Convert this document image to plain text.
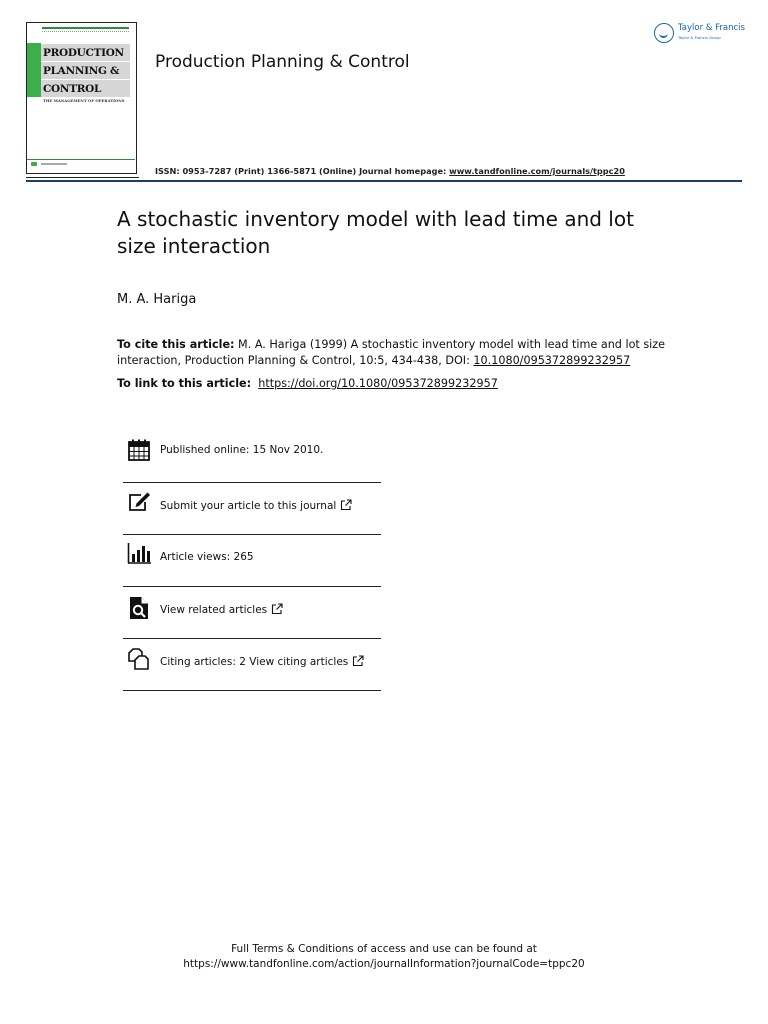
PRODUCTION
PLANNING &
CONTROL
THE MANAGEMENT OF OPERATIONS
Production Planning & Control
Taylor & Francis
Taylor & Francis Group
ISSN: 0953-7287 (Print) 1366-5871 (Online) Journal homepage: www.tandfonline.com/journals/tppc20
A stochastic inventory model with lead time and lot size interaction
M. A. Hariga
To cite this article: M. A. Hariga (1999) A stochastic inventory model with lead time and lot size interaction, Production Planning & Control, 10:5, 434-438, DOI: 10.1080/095372899232957
To link to this article: https://doi.org/10.1080/095372899232957
Published online: 15 Nov 2010.
Submit your article to this journal
Article views: 265
View related articles
Citing articles: 2 View citing articles
Full Terms & Conditions of access and use can be found at
https://www.tandfonline.com/action/journalInformation?journalCode=tppc20
